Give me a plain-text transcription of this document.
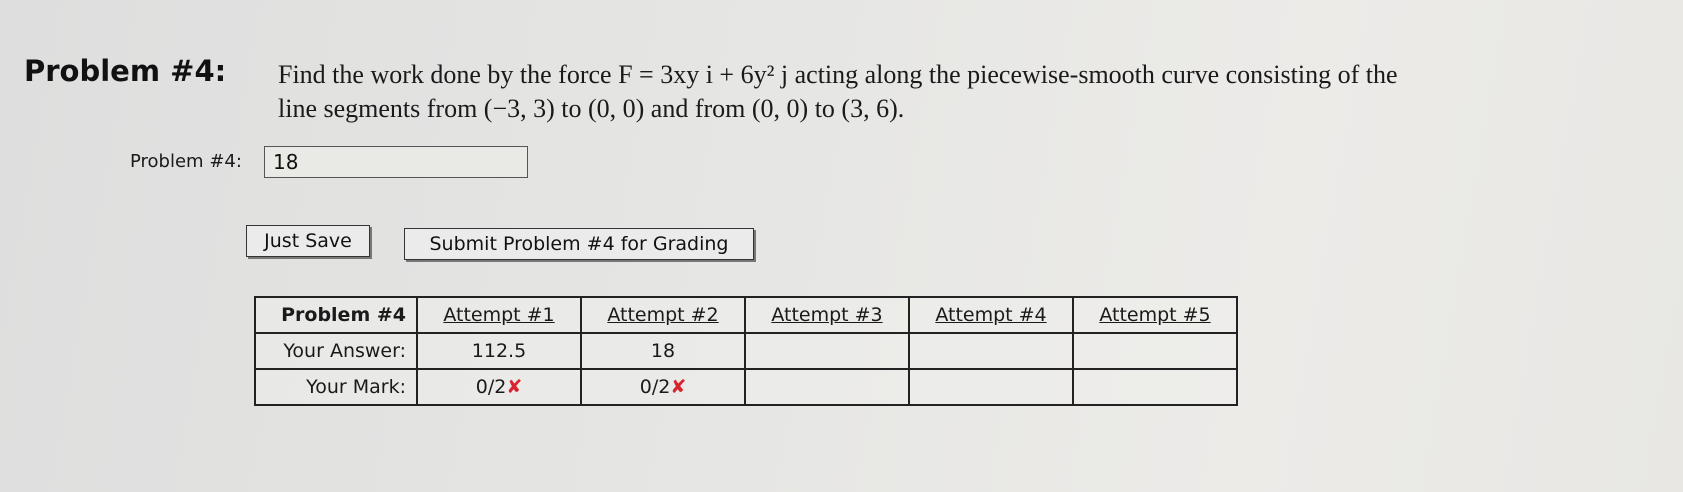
Problem #4: Find the work done by the force F = 3xy i + 6y² j acting along the piecewise-smooth curve consisting of the
line segments from (−3, 3) to (0, 0) and from (0, 0) to (3, 6).
Problem #4:	18
Just Save	Submit Problem #4 for Grading
Problem #4	Attempt #1	Attempt #2	Attempt #3	Attempt #4	Attempt #5
Your Answer:	112.5	18			
Your Mark:	0/2✘	0/2✘			
